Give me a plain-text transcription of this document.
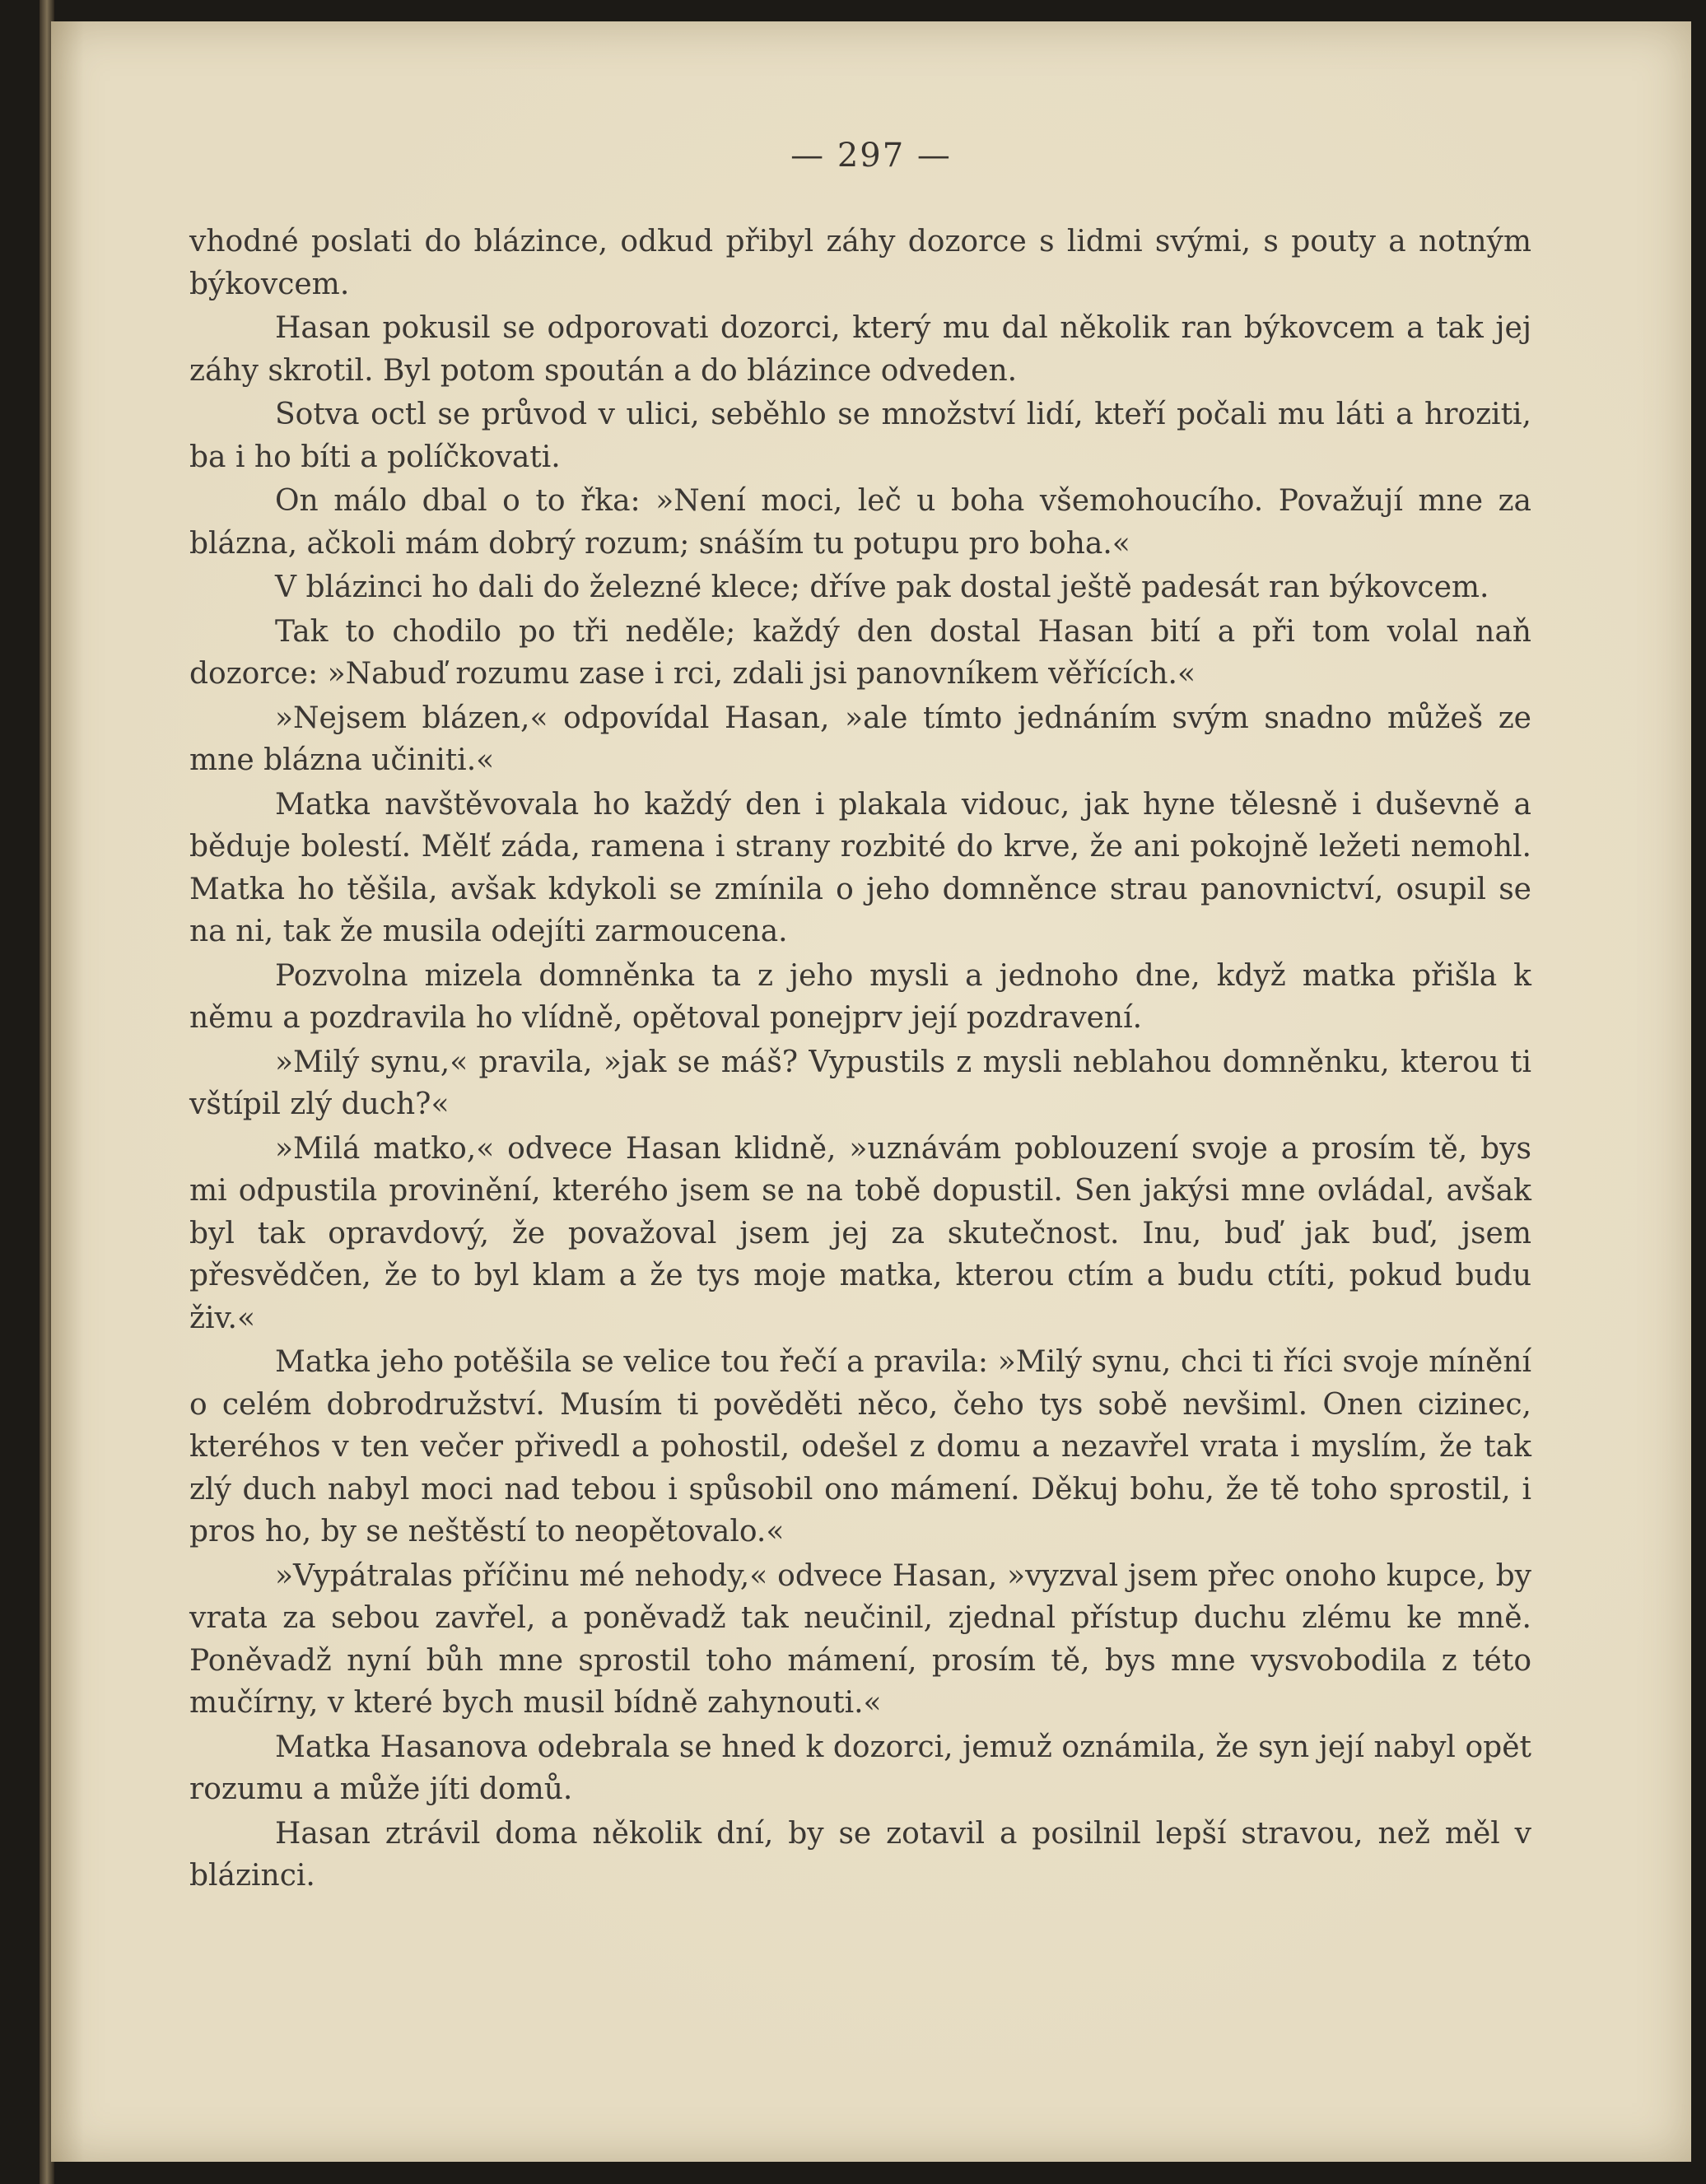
— 297 —

vhodné poslati do blázince, odkud přibyl záhy dozorce s lidmi svými, s pouty a notným býkovcem.

Hasan pokusil se odporovati dozorci, který mu dal několik ran býkovcem a tak jej záhy skrotil. Byl potom spoután a do blázince odveden.

Sotva octl se průvod v ulici, seběhlo se množství lidí, kteří počali mu láti a hroziti, ba i ho bíti a políčkovati.

On málo dbal o to řka: »Není moci, leč u boha všemohoucího. Považují mne za blázna, ačkoli mám dobrý rozum; snáším tu potupu pro boha.«

V blázinci ho dali do železné klece; dříve pak dostal ještě padesát ran býkovcem.

Tak to chodilo po tři neděle; každý den dostal Hasan bití a při tom volal naň dozorce: »Nabuď rozumu zase i rci, zdali jsi panovníkem věřících.«

»Nejsem blázen,« odpovídal Hasan, »ale tímto jednáním svým snadno můžeš ze mne blázna učiniti.«

Matka navštěvovala ho každý den i plakala vidouc, jak hyne tělesně i duševně a běduje bolestí. Mělť záda, ramena i strany rozbité do krve, že ani pokojně ležeti nemohl. Matka ho těšila, avšak kdykoli se zmínila o jeho domněnce strau panovnictví, osupil se na ni, tak že musila odejíti zarmoucena.

Pozvolna mizela domněnka ta z jeho mysli a jednoho dne, když matka přišla k němu a pozdravila ho vlídně, opětoval ponejprv její pozdravení.

»Milý synu,« pravila, »jak se máš? Vypustils z mysli neblahou domněnku, kterou ti vštípil zlý duch?«

»Milá matko,« odvece Hasan klidně, »uznávám poblouzení svoje a prosím tě, bys mi odpustila provinění, kterého jsem se na tobě dopustil. Sen jakýsi mne ovládal, avšak byl tak opravdový, že považoval jsem jej za skutečnost. Inu, buď jak buď, jsem přesvědčen, že to byl klam a že tys moje matka, kterou ctím a budu ctíti, pokud budu živ.«

Matka jeho potěšila se velice tou řečí a pravila: »Milý synu, chci ti říci svoje mínění o celém dobrodružství. Musím ti pověděti něco, čeho tys sobě nevšiml. Onen cizinec, kteréhos v ten večer přivedl a pohostil, odešel z domu a nezavřel vrata i myslím, že tak zlý duch nabyl moci nad tebou i spůsobil ono mámení. Děkuj bohu, že tě toho sprostil, i pros ho, by se neštěstí to neopětovalo.«

»Vypátralas příčinu mé nehody,« odvece Hasan, »vyzval jsem přec onoho kupce, by vrata za sebou zavřel, a poněvadž tak neučinil, zjednal přístup duchu zlému ke mně. Poněvadž nyní bůh mne sprostil toho mámení, prosím tě, bys mne vysvobodila z této mučírny, v které bych musil bídně zahynouti.«

Matka Hasanova odebrala se hned k dozorci, jemuž oznámila, že syn její nabyl opět rozumu a může jíti domů.

Hasan ztrávil doma několik dní, by se zotavil a posilnil lepší stravou, než měl v blázinci.
